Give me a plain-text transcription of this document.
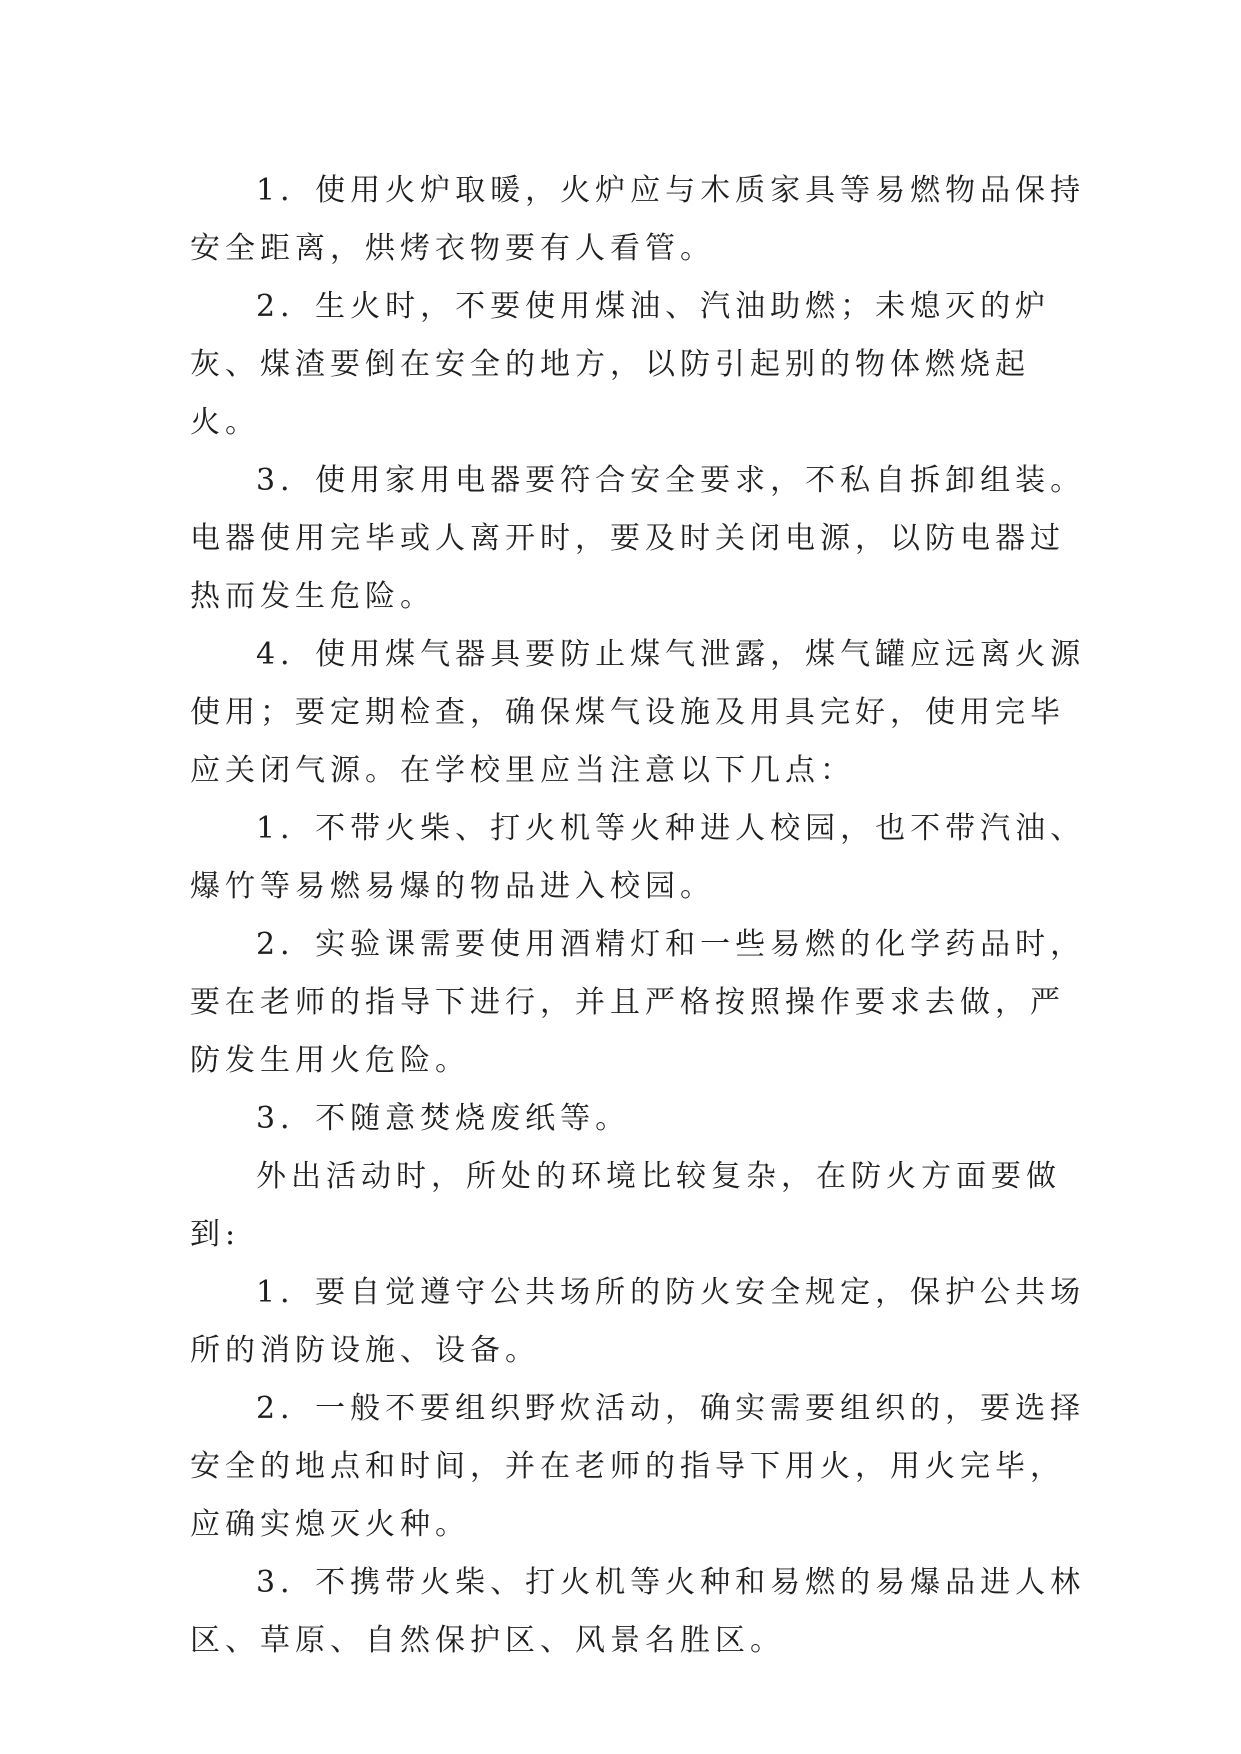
1．使用火炉取暖，火炉应与木质家具等易燃物品保持安全距离，烘烤衣物要有人看管。

2．生火时，不要使用煤油、汽油助燃；未熄灭的炉灰、煤渣要倒在安全的地方，以防引起别的物体燃烧起火。

3．使用家用电器要符合安全要求，不私自拆卸组装。电器使用完毕或人离开时，要及时关闭电源，以防电器过热而发生危险。

4．使用煤气器具要防止煤气泄露，煤气罐应远离火源使用；要定期检查，确保煤气设施及用具完好，使用完毕应关闭气源。在学校里应当注意以下几点：

1．不带火柴、打火机等火种进人校园，也不带汽油、爆竹等易燃易爆的物品进入校园。

2．实验课需要使用酒精灯和一些易燃的化学药品时，要在老师的指导下进行，并且严格按照操作要求去做，严防发生用火危险。

3．不随意焚烧废纸等。

外出活动时，所处的环境比较复杂，在防火方面要做到:

1．要自觉遵守公共场所的防火安全规定，保护公共场所的消防设施、设备。

2．一般不要组织野炊活动，确实需要组织的，要选择安全的地点和时间，并在老师的指导下用火，用火完毕，应确实熄灭火种。

3．不携带火柴、打火机等火种和易燃的易爆品进人林区、草原、自然保护区、风景名胜区。
